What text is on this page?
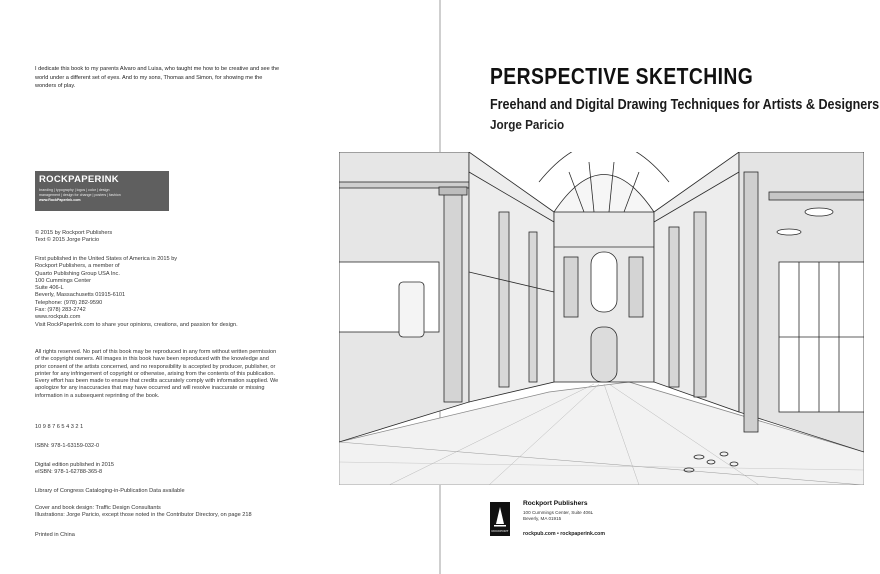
I dedicate this book to my parents Alvaro and Luisa, who taught me how to be creative and see the world under a different set of eyes. And to my sons, Thomas and Simon, for showing me the wonders of play.

ROCKPAPERINK
branding | typography | logos | color | design
management | design for change | posters | fashion
www.RockPaperInk.com
© 2015 by Rockport Publishers
Text © 2015 Jorge Paricio
First published in the United States of America in 2015 by
Rockport Publishers, a member of
Quarto Publishing Group USA Inc.
100 Cummings Center
Suite 406-L
Beverly, Massachusetts 01915-6101
Telephone: (978) 282-9590
Fax: (978) 283-2742
www.rockpub.com
Visit RockPaperInk.com to share your opinions, creations, and passion for design.

All rights reserved. No part of this book may be reproduced in any form without written permission of the copyright owners. All images in this book have been reproduced with the knowledge and prior consent of the artists concerned, and no responsibility is accepted by producer, publisher, or printer for any infringement of copyright or otherwise, arising from the contents of this publication. Every effort has been made to ensure that credits accurately comply with information supplied. We apologize for any inaccuracies that may have occurred and will resolve inaccurate or missing information in a subsequent reprinting of the book.

10 9 8 7 6 5 4 3 2 1
ISBN: 978-1-63159-032-0
Digital edition published in 2015
eISBN: 978-1-62788-365-8
Library of Congress Cataloging-in-Publication Data available
Cover and book design: Traffic Design Consultants
Illustrations: Jorge Paricio, except those noted in the Contributor Directory, on page 218
Printed in China
PERSPECTIVE SKETCHING
Freehand and Digital Drawing Techniques for Artists & Designers
Jorge Paricio
ROCKPORT
Rockport Publishers
100 Cummings Center, Suite 406L
Beverly, MA 01915
rockpub.com • rockpaperink.com
